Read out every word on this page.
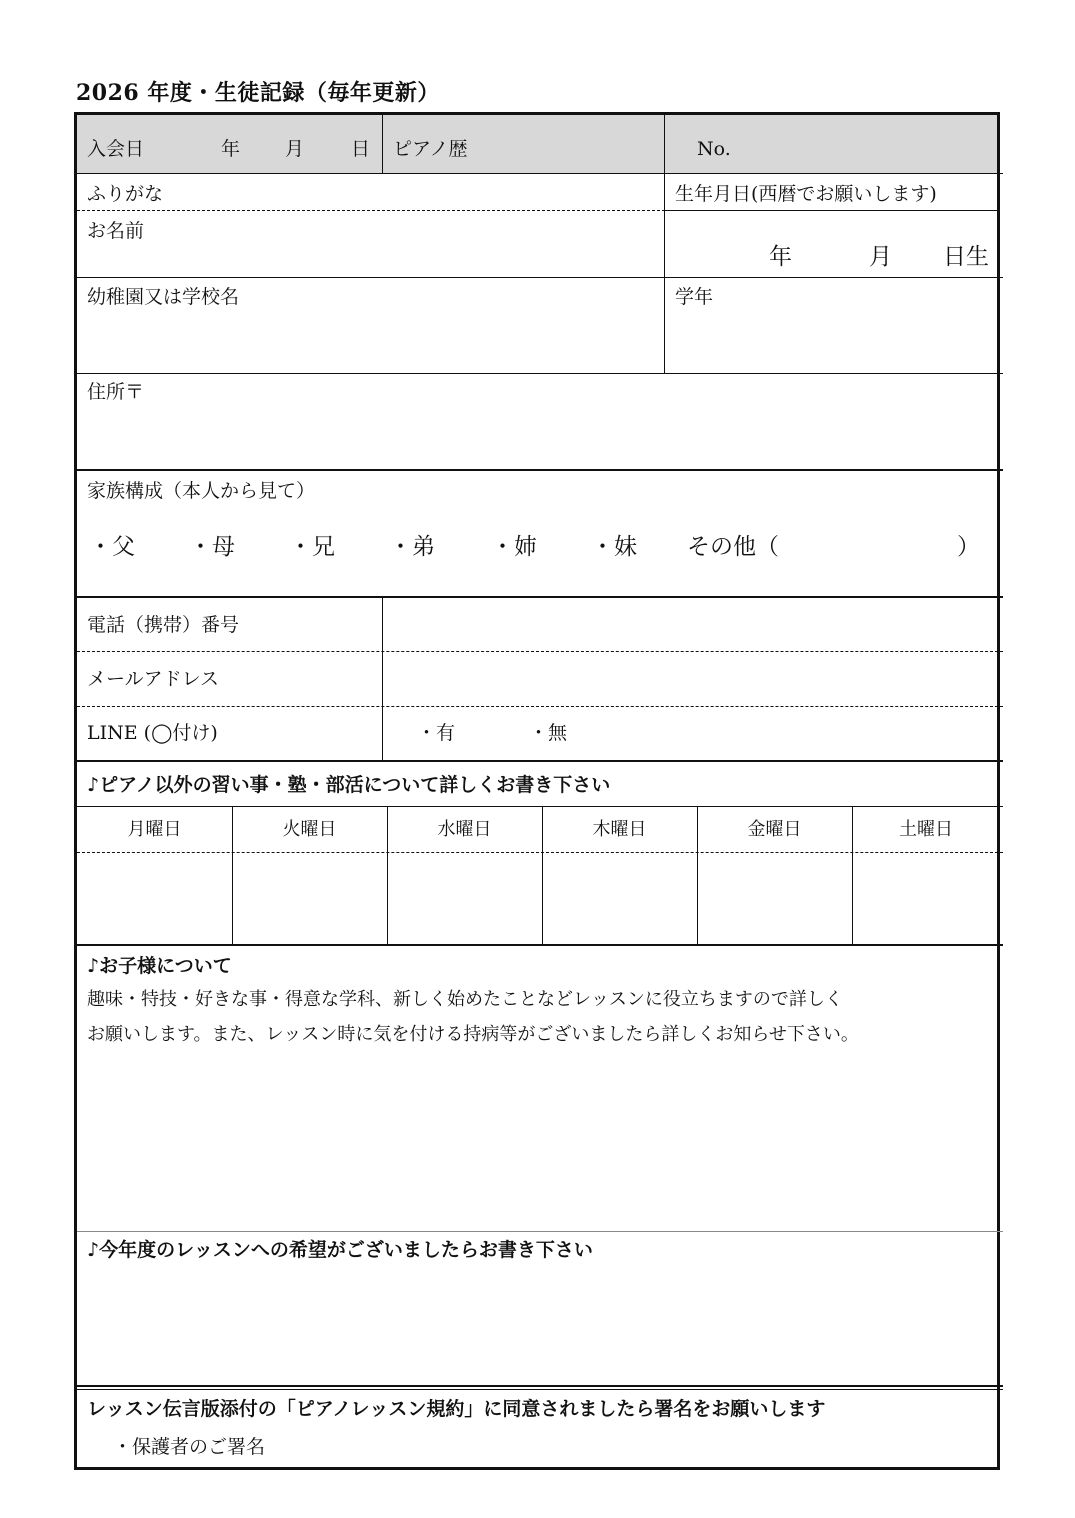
2026 年度・生徒記録（毎年更新）
入会日	年 月 日 ピアノ歴	No.
ふりがな	生年月日(西暦でお願いします)
お名前
年	月 日生
幼稚園又は学校名	学年
住所〒
家族構成（本人から見て）
・父 ・母 ・兄 ・弟 ・姉 ・妹 その他（	）
電話（携帯）番号
メールアドレス
LINE (◯付け)	・有	・無
♪ピアノ以外の習い事・塾・部活について詳しくお書き下さい
月曜日	火曜日	水曜日	木曜日	金曜日	土曜日
♪お子様について
趣味・特技・好きな事・得意な学科、新しく始めたことなどレッスンに役立ちますので詳しく
お願いします。また、レッスン時に気を付ける持病等がございましたら詳しくお知らせ下さい。
♪今年度のレッスンへの希望がございましたらお書き下さい
レッスン伝言版添付の「ピアノレッスン規約」に同意されましたら署名をお願いします
・保護者のご署名
